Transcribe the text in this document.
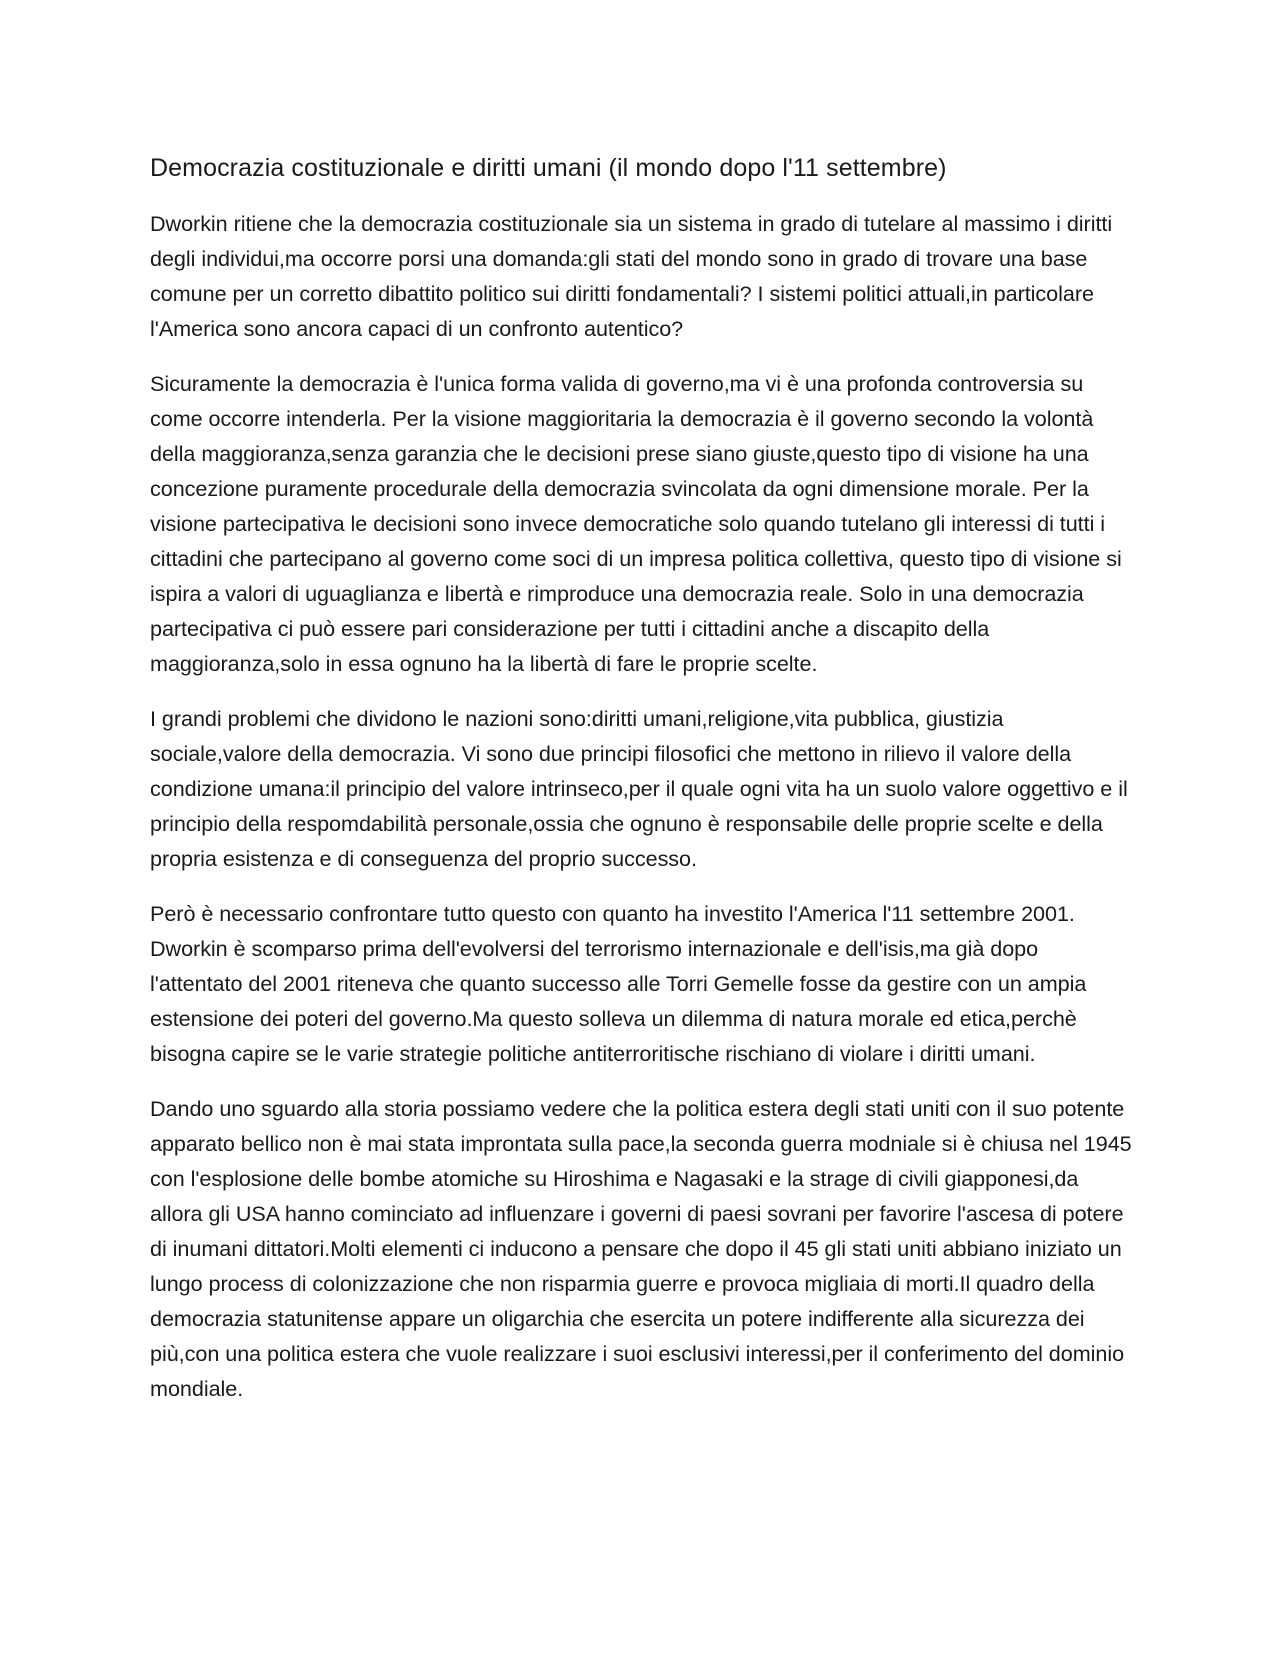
Democrazia costituzionale e diritti umani (il mondo dopo l'11 settembre)

Dworkin ritiene che la democrazia costituzionale sia un sistema in grado di tutelare al massimo i diritti degli individui,ma occorre porsi una domanda:gli stati del mondo sono in grado di trovare una base comune per un corretto dibattito politico sui diritti fondamentali? I sistemi politici attuali,in particolare l'America sono ancora capaci di un confronto autentico?

Sicuramente la democrazia è l'unica forma valida di governo,ma vi è una profonda controversia su come occorre intenderla. Per la visione maggioritaria la democrazia è il governo secondo la volontà della maggioranza,senza garanzia che le decisioni prese siano giuste,questo tipo di visione ha una concezione puramente procedurale della democrazia svincolata da ogni dimensione morale. Per la visione partecipativa le decisioni sono invece democratiche solo quando tutelano gli interessi di tutti i cittadini che partecipano al governo come soci di un impresa politica collettiva, questo tipo di visione si ispira a valori di uguaglianza e libertà e rimproduce una democrazia reale. Solo in una democrazia partecipativa ci può essere pari considerazione per tutti i cittadini anche a discapito della maggioranza,solo in essa ognuno ha la libertà di fare le proprie scelte.

I grandi problemi che dividono le nazioni sono:diritti umani,religione,vita pubblica, giustizia sociale,valore della democrazia. Vi sono due principi filosofici che mettono in rilievo il valore della condizione umana:il principio del valore intrinseco,per il quale ogni vita ha un suolo valore oggettivo e il principio della respomdabilità personale,ossia che ognuno è responsabile delle proprie scelte e della propria esistenza e di conseguenza del proprio successo.

Però è necessario confrontare tutto questo con quanto ha investito l'America l'11 settembre 2001. Dworkin è scomparso prima dell'evolversi del terrorismo internazionale e dell'isis,ma già dopo l'attentato del 2001 riteneva che quanto successo alle Torri Gemelle fosse da gestire con un ampia estensione dei poteri del governo.Ma questo solleva un dilemma di natura morale ed etica,perchè bisogna capire se le varie strategie politiche antiterroritische rischiano di violare i diritti umani.

Dando uno sguardo alla storia possiamo vedere che la politica estera degli stati uniti con il suo potente apparato bellico non è mai stata improntata sulla pace,la seconda guerra modniale si è chiusa nel 1945 con l'esplosione delle bombe atomiche su Hiroshima e Nagasaki e la strage di civili giapponesi,da allora gli USA hanno cominciato ad influenzare i governi di paesi sovrani per favorire l'ascesa di potere di inumani dittatori.Molti elementi ci inducono a pensare che dopo il 45 gli stati uniti abbiano iniziato un lungo process di colonizzazione che non risparmia guerre e provoca migliaia di morti.Il quadro della democrazia statunitense appare un oligarchia che esercita un potere indifferente alla sicurezza dei più,con una politica estera che vuole realizzare i suoi esclusivi interessi,per il conferimento del dominio mondiale.
